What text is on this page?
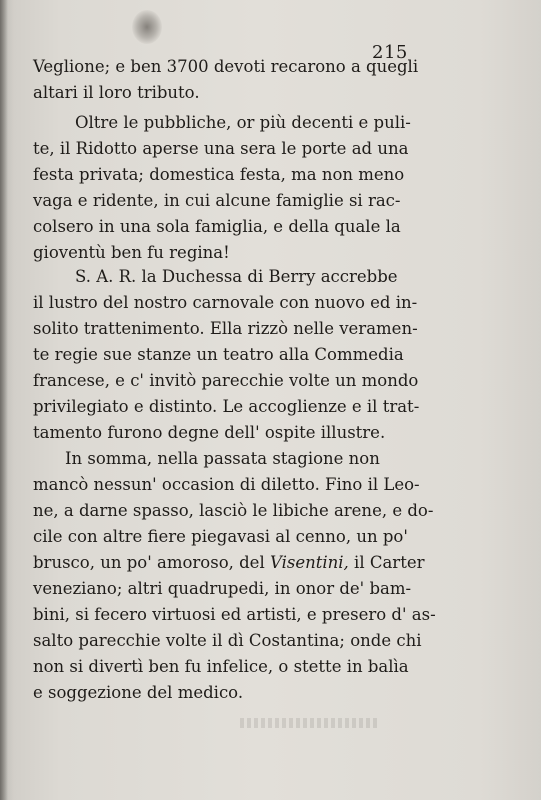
215
brusco, un po' amoroso, del Visentini, il Carter
Veglione; e ben 3700 devoti recarono a quegli
altari il loro tributo.
Oltre le pubbliche, or più decenti e puli-
te, il Ridotto aperse una sera le porte ad una
festa privata; domestica festa, ma non meno
vaga e ridente, in cui alcune famiglie si rac-
colsero in una sola famiglia, e della quale la
gioventù ben fu regina!
S. A. R. la Duchessa di Berry accrebbe
il lustro del nostro carnovale con nuovo ed in-
solito trattenimento. Ella rizzò nelle veramen-
te regie sue stanze un teatro alla Commedia
francese, e c' invitò parecchie volte un mondo
privilegiato e distinto. Le accoglienze e il trat-
tamento furono degne dell' ospite illustre.
In somma, nella passata stagione non
mancò nessun' occasion di diletto. Fino il Leo-
ne, a darne spasso, lasciò le libiche arene, e do-
cile con altre fiere piegavasi al cenno, un po'
veneziano; altri quadrupedi, in onor de' bam-
bini, si fecero virtuosi ed artisti, e presero d' as-
salto parecchie volte il dì Costantina; onde chi
non si divertì ben fu infelice, o stette in balìa
e soggezione del medico.
